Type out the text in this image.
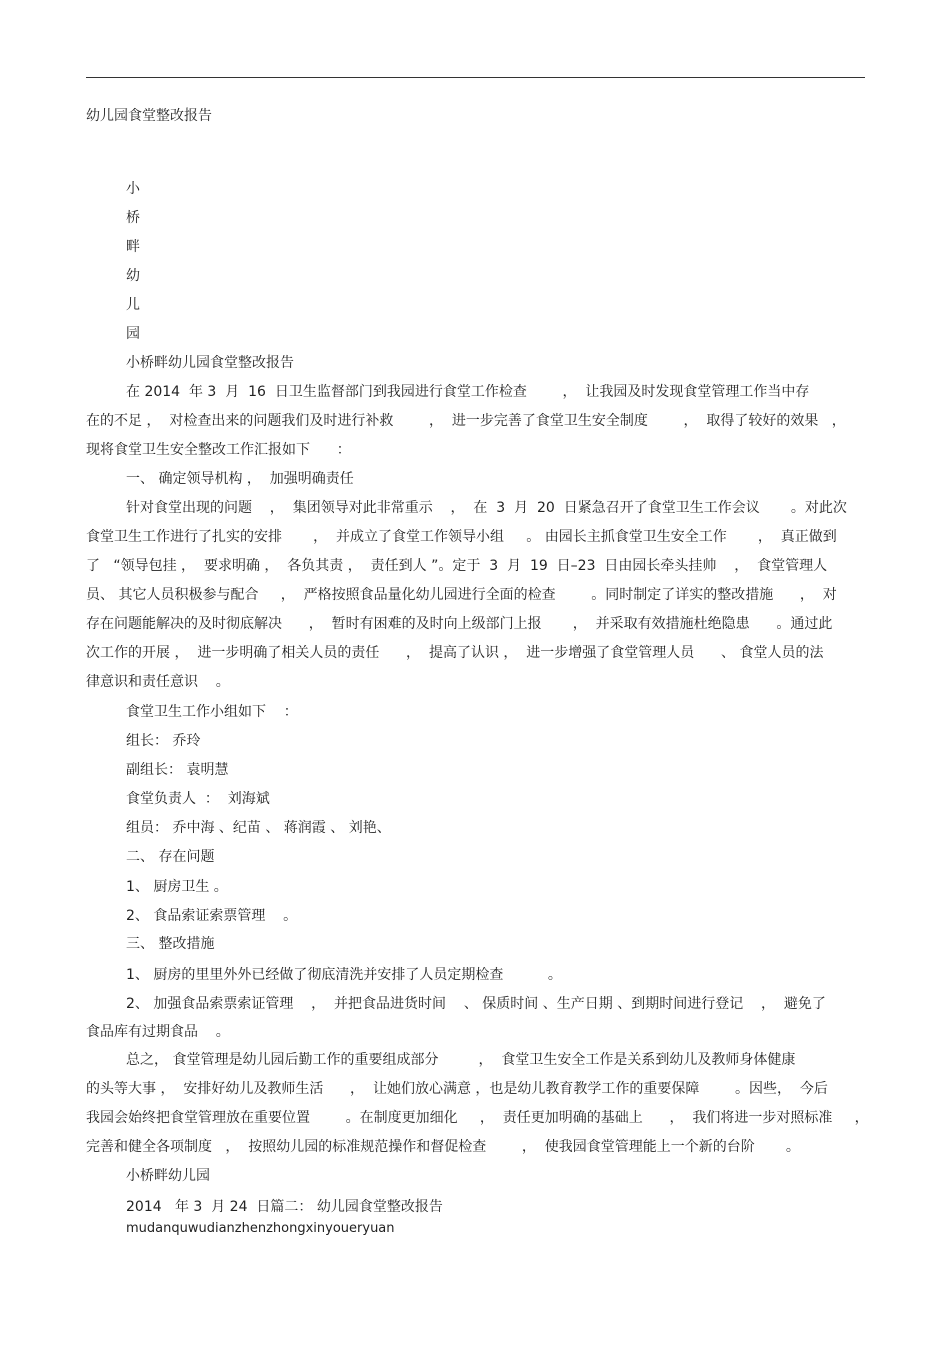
幼儿园食堂整改报告
小
桥
畔
幼
儿
园
小桥畔幼儿园食堂整改报告
在 2014  年 3  月  16  日卫生监督部门到我园进行食堂工作检查        ，  让我园及时发现食堂管理工作当中存
在的不足 ，  对检查出来的问题我们及时进行补救        ，  进一步完善了食堂卫生安全制度        ，  取得了较好的效果   ，
现将食堂卫生安全整改工作汇报如下      ：
一、 确定领导机构 ，  加强明确责任
针对食堂出现的问题    ，  集团领导对此非常重示    ，  在  3  月  20  日紧急召开了食堂卫生工作会议       。对此次
食堂卫生工作进行了扎实的安排       ，  并成立了食堂工作领导小组     。 由园长主抓食堂卫生安全工作       ，  真正做到
了   “领导包挂 ，  要求明确 ，  各负其责 ，  责任到人 ”。定于  3  月  19  日–23  日由园长牵头挂帅    ，  食堂管理人
员、 其它人员积极参与配合     ，  严格按照食品量化幼儿园进行全面的检查        。同时制定了详实的整改措施      ，  对
存在问题能解决的及时彻底解决      ，  暂时有困难的及时向上级部门上报       ，  并采取有效措施杜绝隐患      。通过此
次工作的开展 ，  进一步明确了相关人员的责任      ，  提高了认识 ，  进一步增强了食堂管理人员      、 食堂人员的法
律意识和责任意识    。
食堂卫生工作小组如下    ：
组长： 乔玲
副组长： 袁明慧
食堂负责人  ：  刘海斌
组员： 乔中海 、纪苗 、 蒋润霞 、 刘艳、
二、 存在问题
1、 厨房卫生 。
2、 食品索证索票管理    。
三、 整改措施
1、 厨房的里里外外已经做了彻底清洗并安排了人员定期检查          。
2、 加强食品索票索证管理    ，  并把食品进货时间    、 保质时间 、生产日期 、到期时间进行登记    ，  避免了
食品库有过期食品    。
总之， 食堂管理是幼儿园后勤工作的重要组成部分         ，  食堂卫生安全工作是关系到幼儿及教师身体健康
的头等大事 ，  安排好幼儿及教师生活      ，  让她们放心满意 ，也是幼儿教育教学工作的重要保障        。因些，  今后
我园会始终把食堂管理放在重要位置        。在制度更加细化     ，  责任更加明确的基础上      ，  我们将进一步对照标准     ，
完善和健全各项制度   ，  按照幼儿园的标准规范操作和督促检查        ，  使我园食堂管理能上一个新的台阶       。
小桥畔幼儿园
2014   年 3  月 24  日篇二： 幼儿园食堂整改报告
mudanquwudianzhenzhongxinyoueryuan
